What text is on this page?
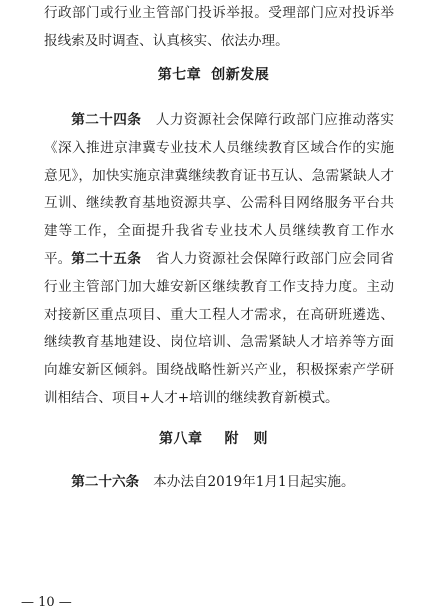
行政部门或行业主管部门投诉举报。受理部门应对投诉举报线索及时调查、认真核实、依法办理。

第七章 创新发展

第二十四条 人力资源社会保障行政部门应推动落实《深入推进京津冀专业技术人员继续教育区域合作的实施意见》，加快实施京津冀继续教育证书互认、急需紧缺人才互训、继续教育基地资源共享、公需科目网络服务平台共建等工作，全面提升我省专业技术人员继续教育工作水平。 第二十五条 省人力资源社会保障行政部门应会同省行业主管部门加大雄安新区继续教育工作支持力度。主动对接新区重点项目、重大工程人才需求，在高研班遴选、继续教育基地建设、岗位培训、急需紧缺人才培养等方面向雄安新区倾斜。围绕战略性新兴产业，积极探索产学研训相结合、项目+人才+培训的继续教育新模式。

第八章 附　则

第二十六条 本办法自2019年1月1日起实施。

— 10 —
